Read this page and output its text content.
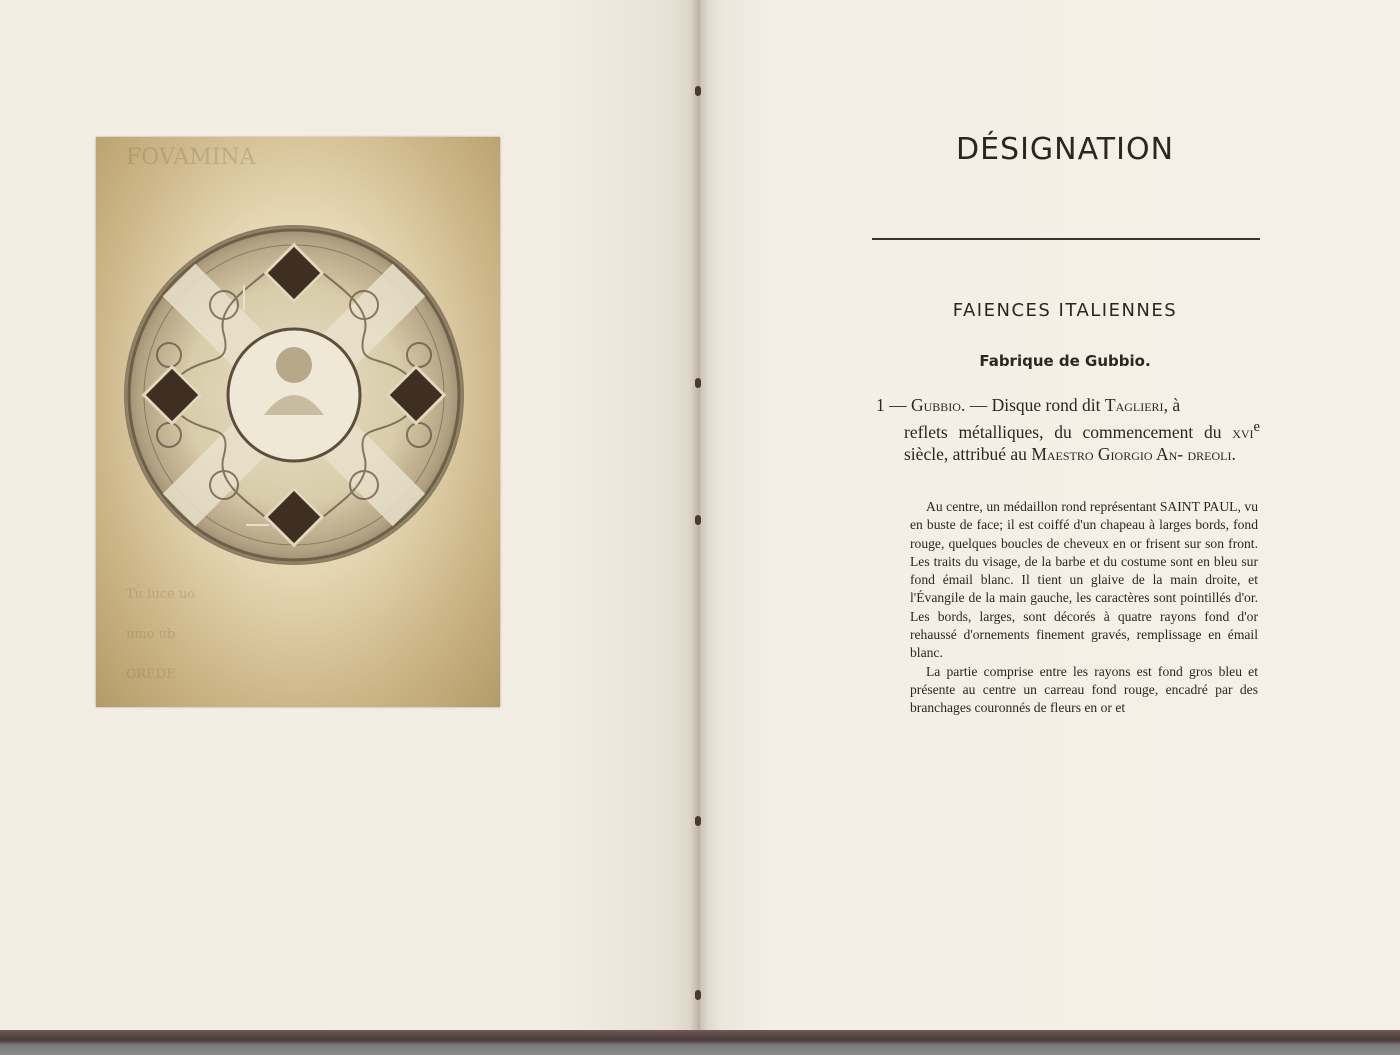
FOVAMINA
Tu luce uo
nmo ub
GREDE
DÉSIGNATION
FAIENCES ITALIENNES
Fabrique de Gubbio.
1 — Gubbio. — Disque rond dit Taglieri, à
reflets métalliques, du commencement du xvi$^e$ siècle, attribué au Maestro Giorgio An- dreoli.

Au centre, un médaillon rond représentant SAINT PAUL, vu en buste de face; il est coiffé d'un chapeau à larges bords, fond rouge, quelques boucles de cheveux en or frisent sur son front. Les traits du visage, de la barbe et du costume sont en bleu sur fond émail blanc. Il tient un glaive de la main droite, et l'Évangile de la main gauche, les caractères sont pointillés d'or. Les bords, larges, sont décorés à quatre rayons fond d'or rehaussé d'ornements finement gravés, remplissage en émail blanc.

La partie comprise entre les rayons est fond gros bleu et présente au centre un carreau fond rouge, encadré par des branchages couronnés de fleurs en or et
